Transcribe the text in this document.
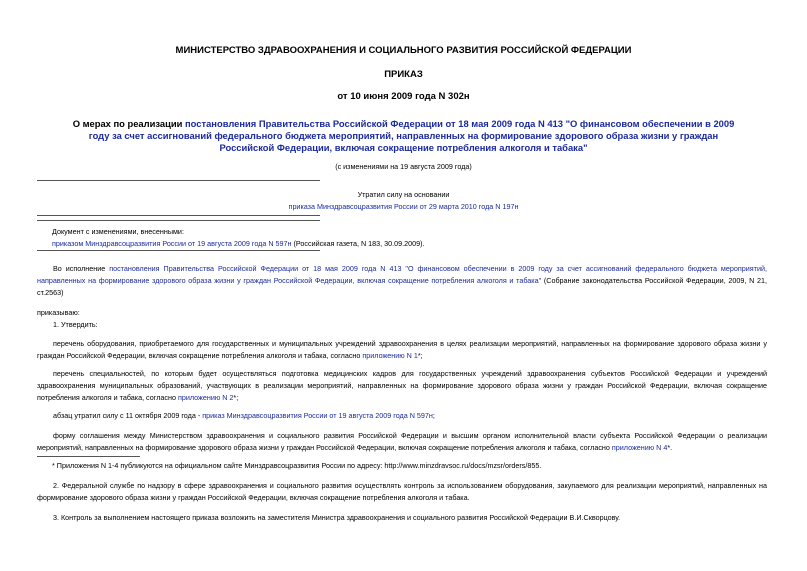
МИНИСТЕРСТВО ЗДРАВООХРАНЕНИЯ И СОЦИАЛЬНОГО РАЗВИТИЯ РОССИЙСКОЙ ФЕДЕРАЦИИ
ПРИКАЗ
от 10 июня 2009 года N 302н
О мерах по реализации постановления Правительства Российской Федерации от 18 мая 2009 года N 413 "О финансовом обеспечении в 2009 году за счет ассигнований федерального бюджета мероприятий, направленных на формирование здорового образа жизни у граждан Российской Федерации, включая сокращение потребления алкоголя и табака"
(с изменениями на 19 августа 2009 года)
Утратил силу на основании
приказа Минздравсоцразвития России от 29 марта 2010 года N 197н
Документ с изменениями, внесенными:
приказом Минздравсоцразвития России от 19 августа 2009 года N 597н (Российская газета, N 183, 30.09.2009).
Во исполнение постановления Правительства Российской Федерации от 18 мая 2009 года N 413 "О финансовом обеспечении в 2009 году за счет ассигнований федерального бюджета мероприятий, направленных на формирование здорового образа жизни у граждан Российской Федерации, включая сокращение потребления алкоголя и табака" (Собрание законодательства Российской Федерации, 2009, N 21, ст.2563)
приказываю:
1. Утвердить:
перечень оборудования, приобретаемого для государственных и муниципальных учреждений здравоохранения в целях реализации мероприятий, направленных на формирование здорового образа жизни у граждан Российской Федерации, включая сокращение потребления алкоголя и табака, согласно приложению N 1*;
перечень специальностей, по которым будет осуществляться подготовка медицинских кадров для государственных учреждений здравоохранения субъектов Российской Федерации и учреждений здравоохранения муниципальных образований, участвующих в реализации мероприятий, направленных на формирование здорового образа жизни у граждан Российской Федерации, включая сокращение потребления алкоголя и табака, согласно приложению N 2*;
абзац утратил силу с 11 октября 2009 года - приказ Минздравсоцразвития России от 19 августа 2009 года N 597н;
форму соглашения между Министерством здравоохранения и социального развития Российской Федерации и высшим органом исполнительной власти субъекта Российской Федерации о реализации мероприятий, направленных на формирование здорового образа жизни у граждан Российской Федерации, включая сокращение потребления алкоголя и табака, согласно приложению N 4*.
* Приложения N 1-4 публикуются на официальном сайте Минздравсоцразвития России по адресу: http://www.minzdravsoc.ru/docs/mzsr/orders/855.
2. Федеральной службе по надзору в сфере здравоохранения и социального развития осуществлять контроль за использованием оборудования, закупаемого для реализации мероприятий, направленных на формирование здорового образа жизни у граждан Российской Федерации, включая сокращение потребления алкоголя и табака.
3. Контроль за выполнением настоящего приказа возложить на заместителя Министра здравоохранения и социального развития Российской Федерации В.И.Скворцову.
